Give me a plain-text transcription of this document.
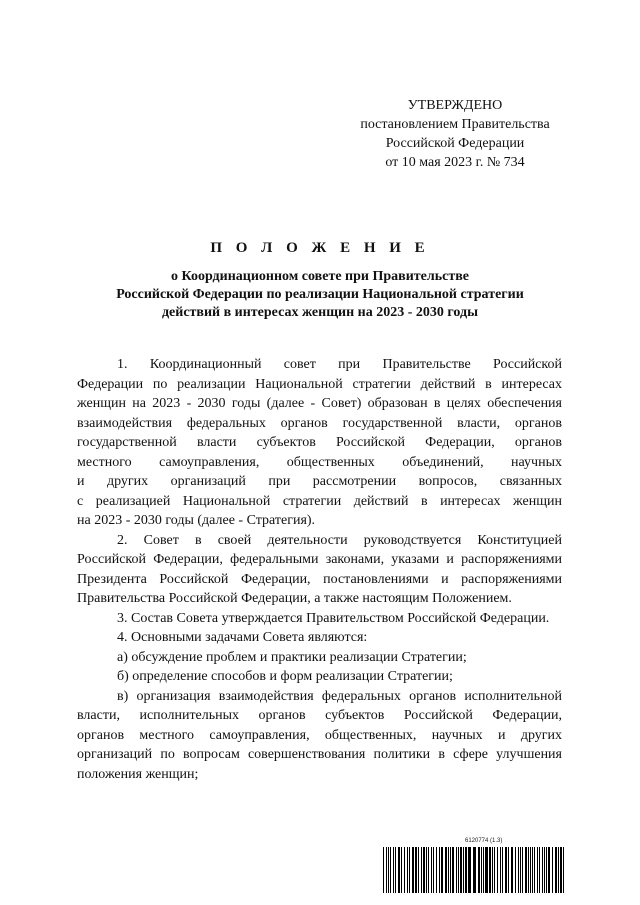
УТВЕРЖДЕНО
постановлением Правительства
Российской Федерации
от 10 мая 2023 г. № 734
П О Л О Ж Е Н И Е
о Координационном совете при Правительстве
Российской Федерации по реализации Национальной стратегии
действий в интересах женщин на 2023 - 2030 годы
1. Координационный совет при Правительстве Российской
Федерации по реализации Национальной стратегии действий в интересах
женщин на 2023 - 2030 годы (далее - Совет) образован в целях обеспечения
взаимодействия федеральных органов государственной власти, органов
государственной власти субъектов Российской Федерации, органов
местного самоуправления, общественных объединений, научных
и других организаций при рассмотрении вопросов, связанных
с реализацией Национальной стратегии действий в интересах женщин
на 2023 - 2030 годы (далее - Стратегия).
2. Совет в своей деятельности руководствуется Конституцией
Российской Федерации, федеральными законами, указами и распоряжениями
Президента Российской Федерации, постановлениями и распоряжениями
Правительства Российской Федерации, а также настоящим Положением.
3. Состав Совета утверждается Правительством Российской Федерации.
4. Основными задачами Совета являются:
а) обсуждение проблем и практики реализации Стратегии;
б) определение способов и форм реализации Стратегии;
в) организация взаимодействия федеральных органов исполнительной
власти, исполнительных органов субъектов Российской Федерации,
органов местного самоуправления, общественных, научных и других
организаций по вопросам совершенствования политики в сфере улучшения
положения женщин;
6120774 (1.3)
